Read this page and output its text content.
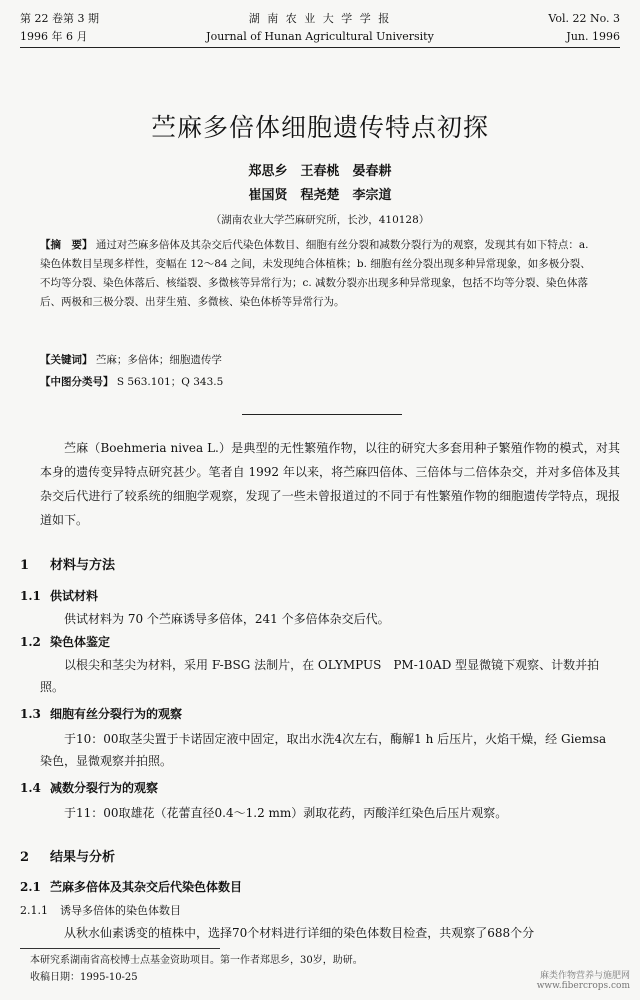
第 22 卷第 3 期
1996 年 6 月
湖 南 农 业 大 学 学 报
Journal of Hunan Agricultural University
Vol. 22 No. 3
Jun. 1996
苎麻多倍体细胞遗传特点初探
郑思乡　王春桃　晏春耕
崔国贤　程尧楚　李宗道
（湖南农业大学苎麻研究所，长沙，410128）
【摘　要】 通过对苎麻多倍体及其杂交后代染色体数目、细胞有丝分裂和减数分裂行为的观察，发现其有如下特点：a. 染色体数目呈现多样性，变幅在 12～84 之间，未发现纯合体植株；b. 细胞有丝分裂出现多种异常现象，如多极分裂、不均等分裂、染色体落后、核缢裂、多微核等异常行为；c. 减数分裂亦出现多种异常现象，包括不均等分裂、染色体落后、两极和三极分裂、出芽生殖、多微核、染色体桥等异常行为。
【关键词】 苎麻；多倍体；细胞遗传学
【中图分类号】 S 563.101；Q 343.5

苎麻（Boehmeria nivea L.）是典型的无性繁殖作物，以往的研究大多套用种子繁殖作物的模式，对其本身的遗传变异特点研究甚少。笔者自 1992 年以来，将苎麻四倍体、三倍体与二倍体杂交，并对多倍体及其杂交后代进行了较系统的细胞学观察，发现了一些未曾报道过的不同于有性繁殖作物的细胞遗传学特点，现报道如下。

1 材料与方法
1.1 供试材料

供试材料为 70 个苎麻诱导多倍体，241 个多倍体杂交后代。

1.2 染色体鉴定

以根尖和茎尖为材料，采用 F-BSG 法制片，在 OLYMPUS　PM-10AD 型显微镜下观察、计数并拍照。

1.3 细胞有丝分裂行为的观察

于10：00取茎尖置于卡诺固定液中固定，取出水洗4次左右，酶解1 h 后压片，火焰干燥，经 Giemsa 染色，显微观察并拍照。

1.4 减数分裂行为的观察

于11：00取雄花（花蕾直径0.4～1.2 mm）剥取花药，丙酸洋红染色后压片观察。

2 结果与分析
2.1 苎麻多倍体及其杂交后代染色体数目
2.1.1 诱导多倍体的染色体数目

从秋水仙素诱变的植株中，选择70个材料进行详细的染色体数目检查，共观察了688个分

本研究系湖南省高校博士点基金资助项目。第一作者郑思乡，30岁，助研。
收稿日期：1995-10-25	麻类作物营养与施肥网
www.fibercrops.com
